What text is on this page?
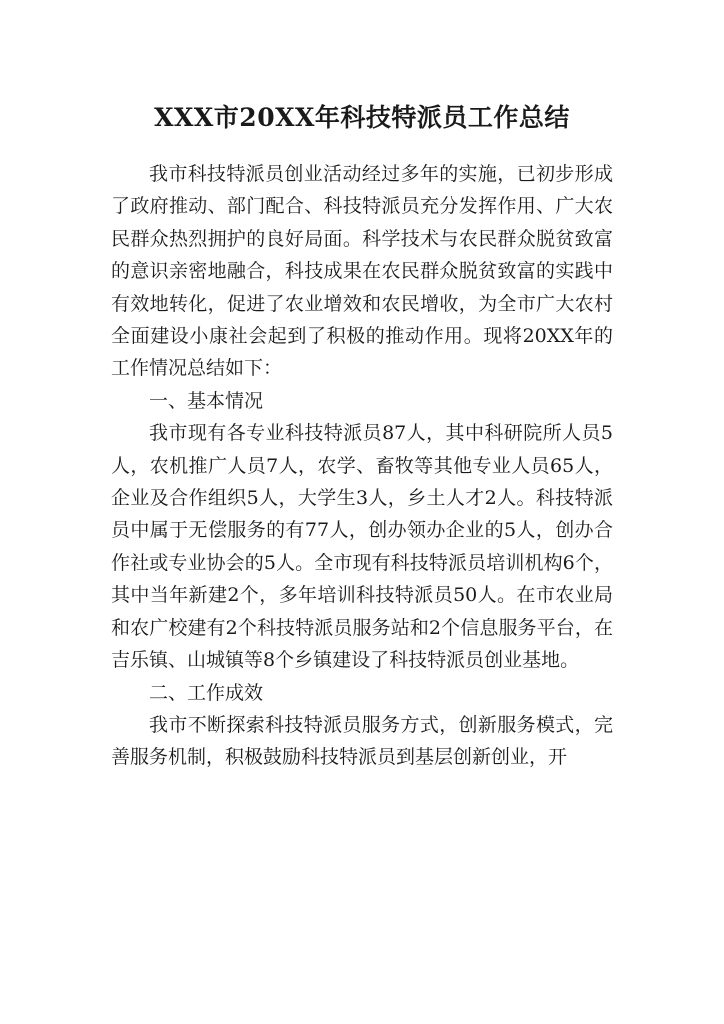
XXX市20XX年科技特派员工作总结

我市科技特派员创业活动经过多年的实施，已初步形成了政府推动、部门配合、科技特派员充分发挥作用、广大农民群众热烈拥护的良好局面。科学技术与农民群众脱贫致富的意识亲密地融合，科技成果在农民群众脱贫致富的实践中有效地转化，促进了农业增效和农民增收，为全市广大农村全面建设小康社会起到了积极的推动作用。现将20XX年的工作情况总结如下：

一、基本情况

我市现有各专业科技特派员87人，其中科研院所人员5人，农机推广人员7人，农学、畜牧等其他专业人员65人，企业及合作组织5人，大学生3人，乡土人才2人。科技特派员中属于无偿服务的有77人，创办领办企业的5人，创办合作社或专业协会的5人。全市现有科技特派员培训机构6个，其中当年新建2个，多年培训科技特派员50人。在市农业局和农广校建有2个科技特派员服务站和2个信息服务平台，在吉乐镇、山城镇等8个乡镇建设了科技特派员创业基地。

二、工作成效

我市不断探索科技特派员服务方式，创新服务模式，完善服务机制，积极鼓励科技特派员到基层创新创业，开
